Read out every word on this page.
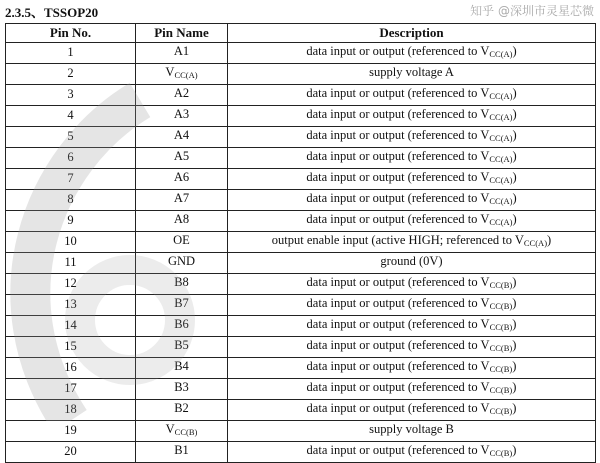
2.3.5、TSSOP20
Pin No.	Pin Name	Description
1	A1	data input or output (referenced to $V_{CC(A)}$)
2	$V_{CC(A)}$	supply voltage A
3	A2	data input or output (referenced to $V_{CC(A)}$)
4	A3	data input or output (referenced to $V_{CC(A)}$)
5	A4	data input or output (referenced to $V_{CC(A)}$)
6	A5	data input or output (referenced to $V_{CC(A)}$)
7	A6	data input or output (referenced to $V_{CC(A)}$)
8	A7	data input or output (referenced to $V_{CC(A)}$)
9	A8	data input or output (referenced to $V_{CC(A)}$)
10	OE	output enable input (active HIGH; referenced to $V_{CC(A)}$)
11	GND	ground (0V)
12	B8	data input or output (referenced to $V_{CC(B)}$)
13	B7	data input or output (referenced to $V_{CC(B)}$)
14	B6	data input or output (referenced to $V_{CC(B)}$)
15	B5	data input or output (referenced to $V_{CC(B)}$)
16	B4	data input or output (referenced to $V_{CC(B)}$)
17	B3	data input or output (referenced to $V_{CC(B)}$)
18	B2	data input or output (referenced to $V_{CC(B)}$)
19	$V_{CC(B)}$	supply voltage B
20	B1	data input or output (referenced to $V_{CC(B)}$)
知乎 @深圳市灵星芯微
